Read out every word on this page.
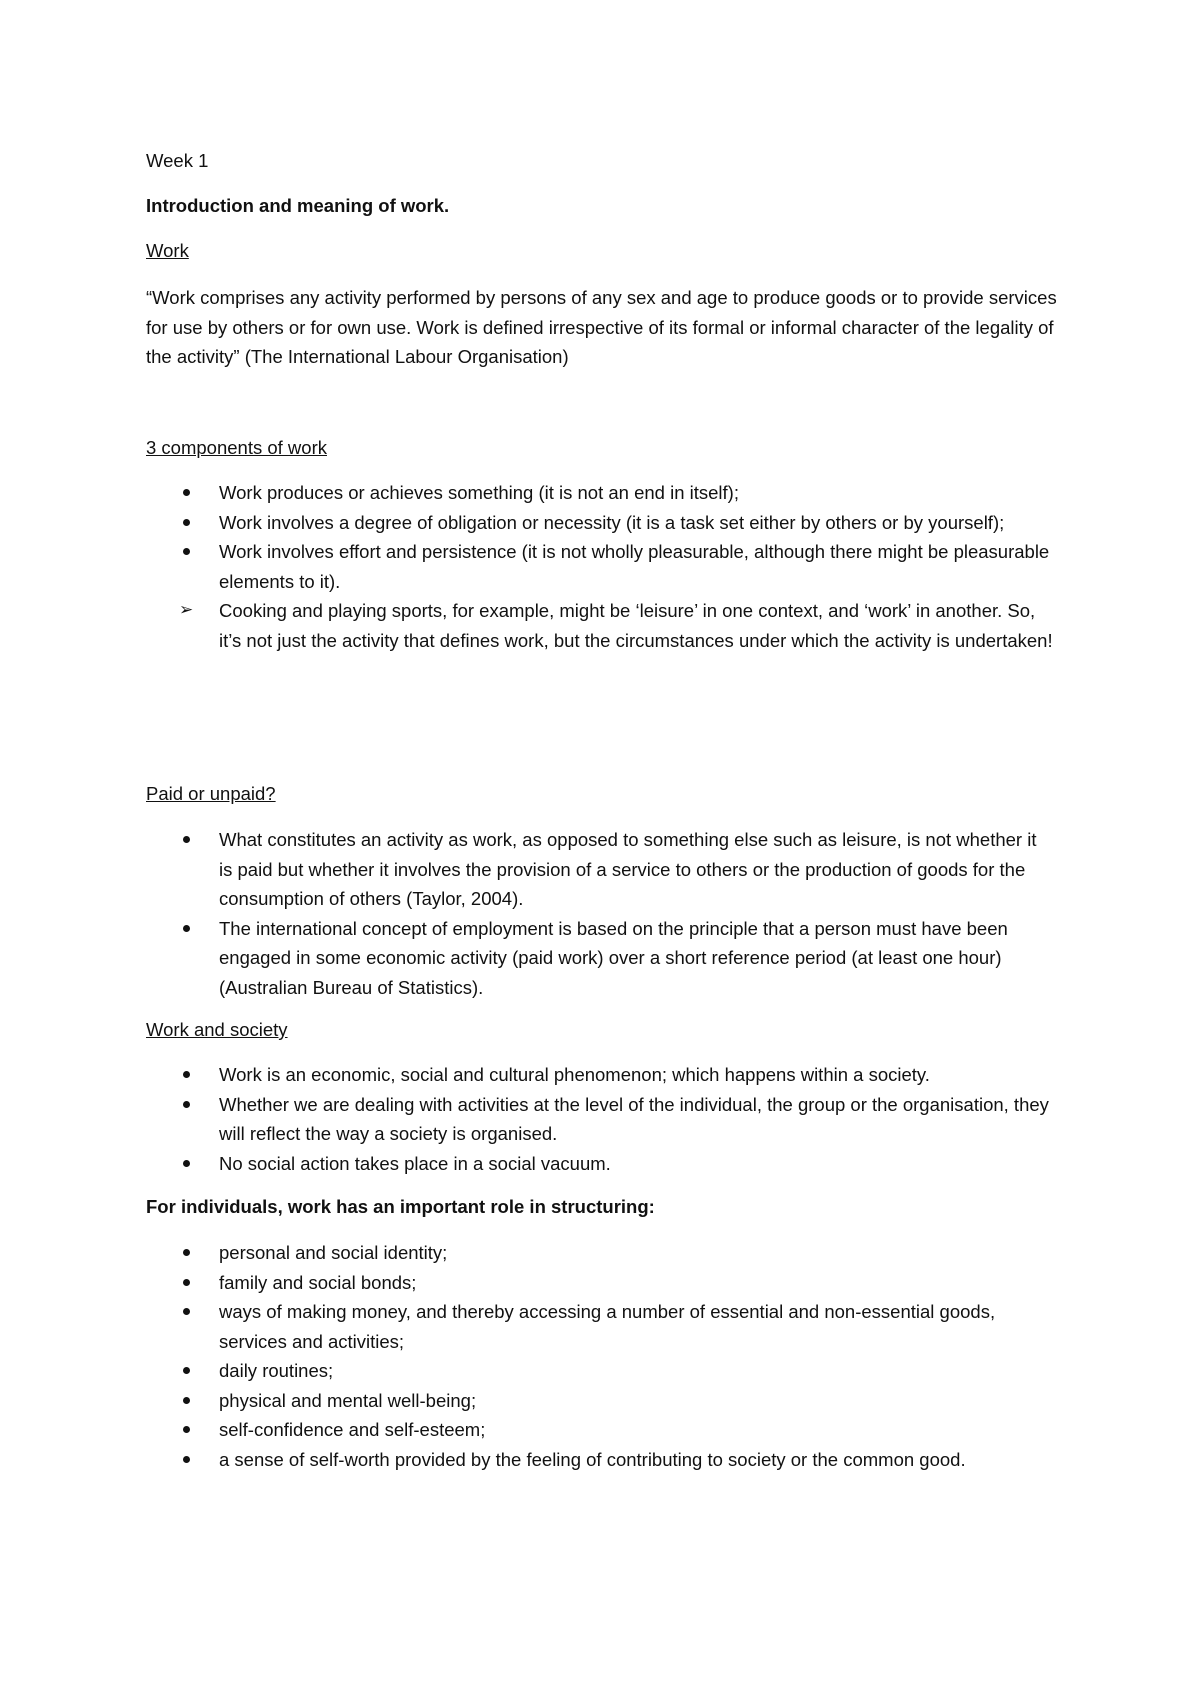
Week 1
Introduction and meaning of work.
Work
“Work comprises any activity performed by persons of any sex and age to produce goods or to provide services for use by others or for own use. Work is defined irrespective of its formal or informal character of the legality of the activity” (The International Labour Organisation)
3 components of work
Work produces or achieves something (it is not an end in itself);
Work involves a degree of obligation or necessity (it is a task set either by others or by yourself);
Work involves effort and persistence (it is not wholly pleasurable, although there might be pleasurable elements to it).
➢	Cooking and playing sports, for example, might be ‘leisure’ in one context, and ‘work’ in another. So, it’s not just the activity that defines work, but the circumstances under which the activity is undertaken!
Paid or unpaid?
What constitutes an activity as work, as opposed to something else such as leisure, is not whether it is paid but whether it involves the provision of a service to others or the production of goods for the consumption of others (Taylor, 2004).
The international concept of employment is based on the principle that a person must have been engaged in some economic activity (paid work) over a short reference period (at least one hour)(Australian Bureau of Statistics).
Work and society
Work is an economic, social and cultural phenomenon; which happens within a society.
Whether we are dealing with activities at the level of the individual, the group or the organisation, they will reflect the way a society is organised.
No social action takes place in a social vacuum.
For individuals, work has an important role in structuring:
personal and social identity;
family and social bonds;
ways of making money, and thereby accessing a number of essential and non-essential goods, services and activities;
daily routines;
physical and mental well-being;
self-confidence and self-esteem;
a sense of self-worth provided by the feeling of contributing to society or the common good.
